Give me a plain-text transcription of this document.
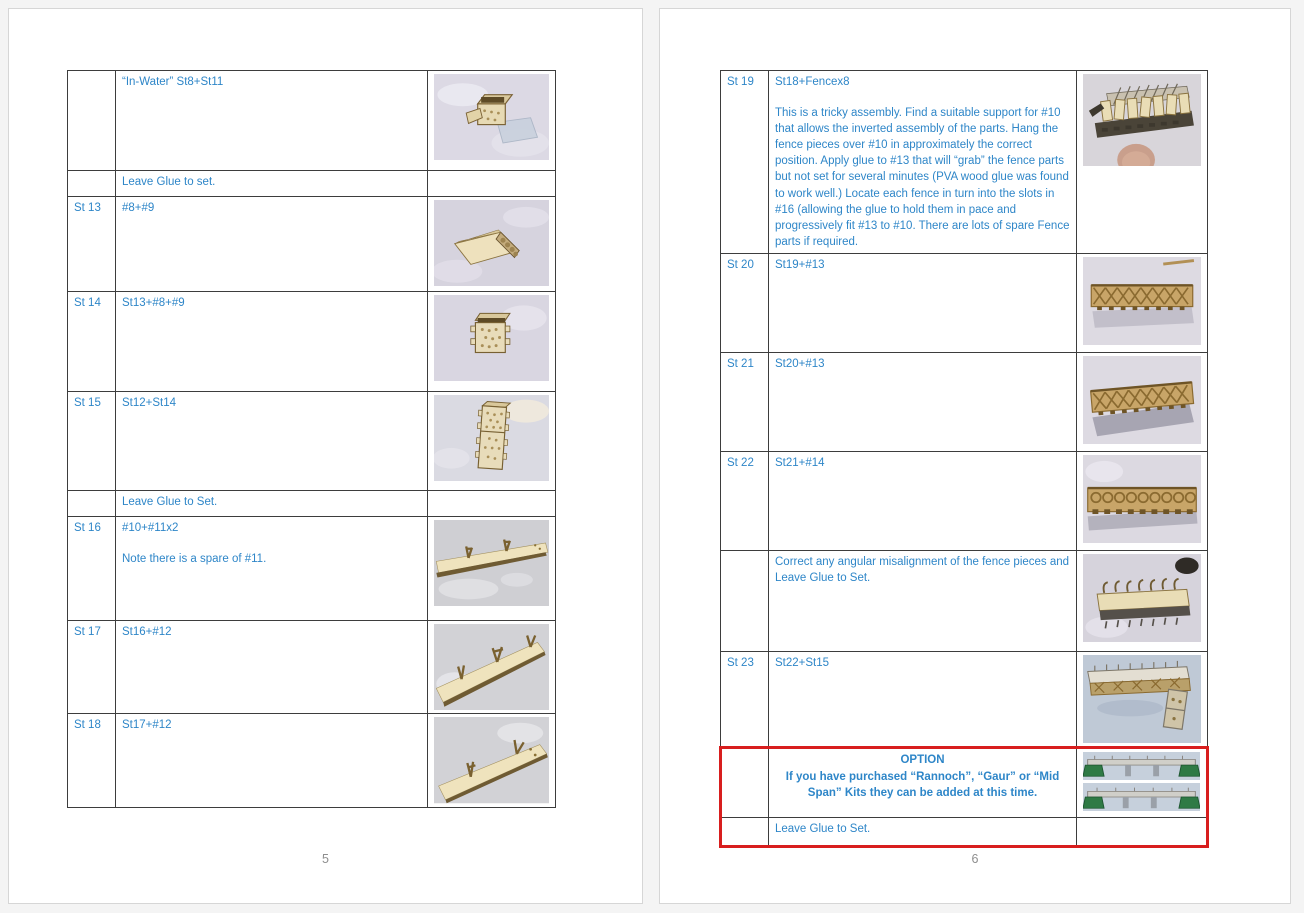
	“In-Water” St8+St11

	Leave Glue to set.	

St 13	#8+#9

St 14	St13+#8+#9

St 15	St12+St14

	Leave Glue to Set.	

St 16	#10+#11x2
Note there is a spare of #11.

St 17	St16+#12

St 18	St17+#12

5
St 19	St18+Fencex8
This is a tricky assembly. Find a suitable support for #10 that allows the inverted assembly of the parts. Hang the fence pieces over #10 in approximately the correct position. Apply glue to #13 that will “grab” the fence parts but not set for several minutes (PVA wood glue was found to work well.) Locate each fence in turn into the slots in #16 (allowing the glue to hold them in pace and progressively fit #13 to #10. There are lots of spare Fence parts if required.

St 20	St19+#13

St 21	St20+#13

St 22	St21+#14

	Correct any angular misalignment of the fence pieces and Leave Glue to Set.

St 23	St22+St15

	OPTION
If you have purchased “Rannoch”, “Gaur” or “Mid Span” Kits they can be added at this time.

	Leave Glue to Set.	

6
